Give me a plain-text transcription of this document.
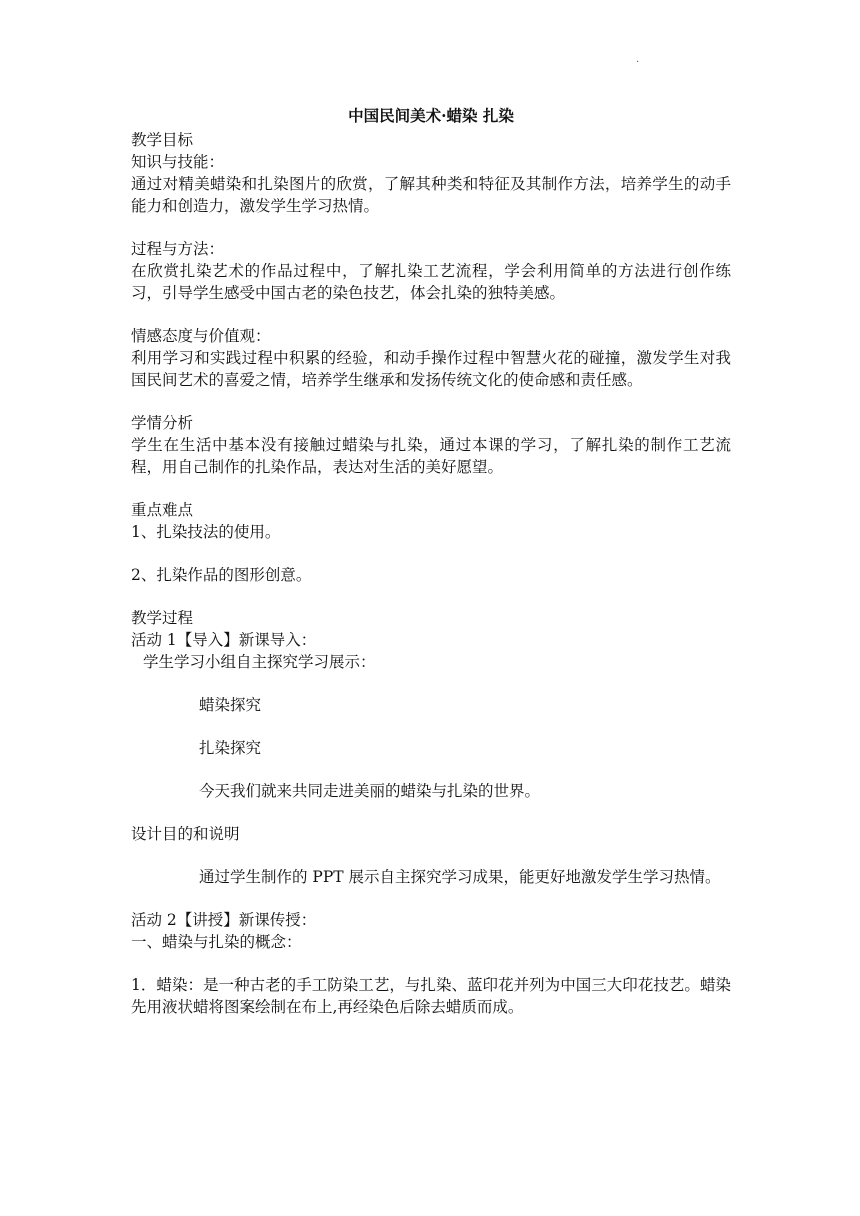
.
中国民间美术·蜡染 扎染

教学目标

知识与技能：

通过对精美蜡染和扎染图片的欣赏，了解其种类和特征及其制作方法，培养学生的动手能力和创造力，激发学生学习热情。

过程与方法：

在欣赏扎染艺术的作品过程中，了解扎染工艺流程，学会利用简单的方法进行创作练习，引导学生感受中国古老的染色技艺，体会扎染的独特美感。

情感态度与价值观：

利用学习和实践过程中积累的经验，和动手操作过程中智慧火花的碰撞，激发学生对我国民间艺术的喜爱之情，培养学生继承和发扬传统文化的使命感和责任感。

学情分析

学生在生活中基本没有接触过蜡染与扎染，通过本课的学习，了解扎染的制作工艺流程，用自己制作的扎染作品，表达对生活的美好愿望。

重点难点

1、扎染技法的使用。

2、扎染作品的图形创意。

教学过程

活动 1【导入】新课导入：

学生学习小组自主探究学习展示：

蜡染探究

扎染探究

今天我们就来共同走进美丽的蜡染与扎染的世界。

设计目的和说明

通过学生制作的 PPT 展示自主探究学习成果，能更好地激发学生学习热情。

活动 2【讲授】新课传授：

一、蜡染与扎染的概念：

1．蜡染：是一种古老的手工防染工艺，与扎染、蓝印花并列为中国三大印花技艺。蜡染先用液状蜡将图案绘制在布上,再经染色后除去蜡质而成。
